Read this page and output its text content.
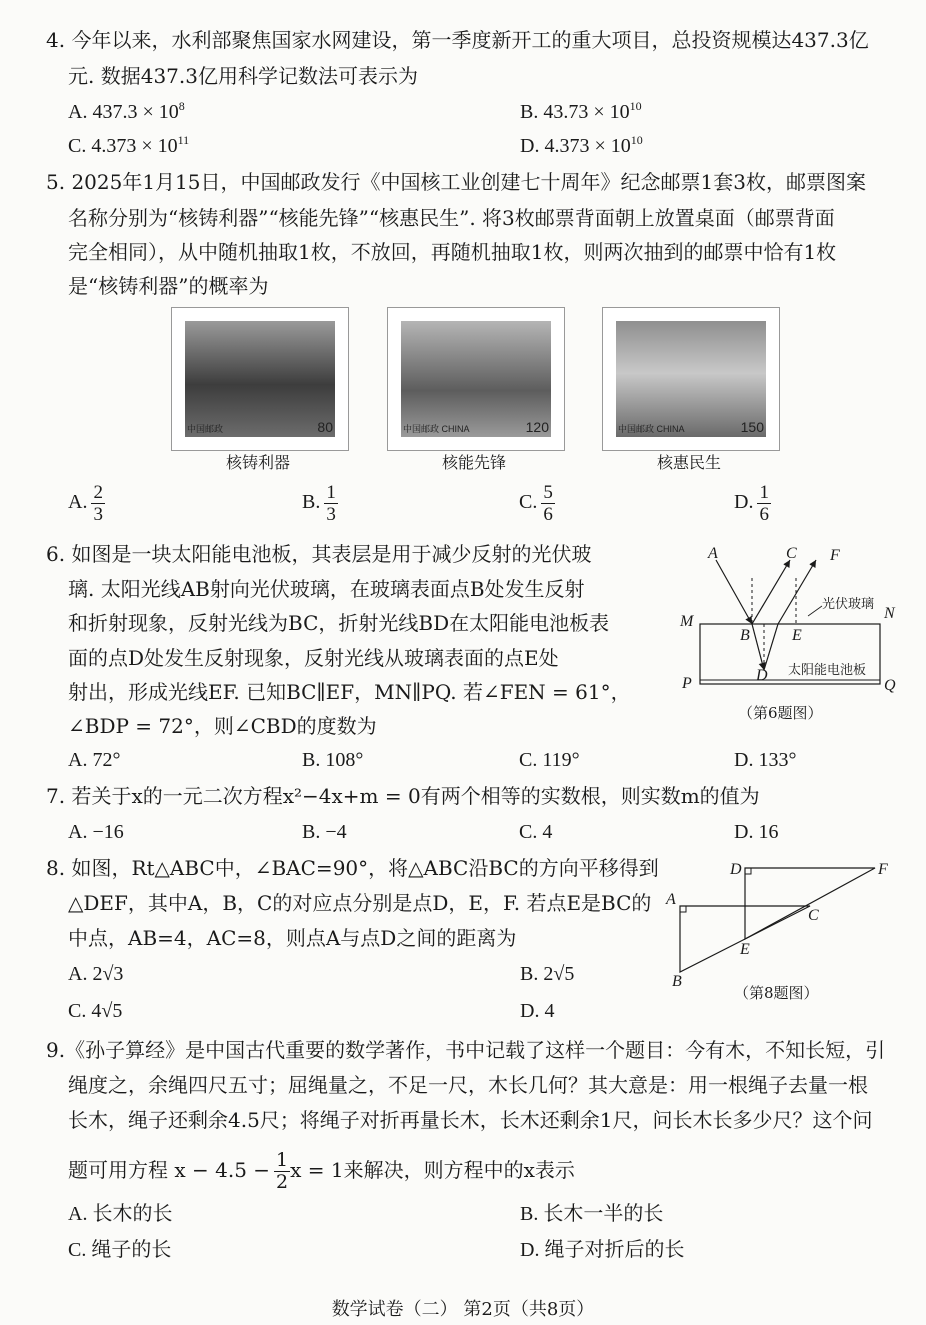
4. 今年以来，水利部聚焦国家水网建设，第一季度新开工的重大项目，总投资规模达437.3亿
元. 数据437.3亿用科学记数法可表示为
A. $437.3 \times 10^8$	B. $43.73 \times 10^{10}$
C. $4.373 \times 10^{11}$	D. $4.373 \times 10^{10}$
5. 2025年1月15日，中国邮政发行《中国核工业创建七十周年》纪念邮票1套3枚，邮票图案
名称分别为“核铸利器”“核能先锋”“核惠民生”. 将3枚邮票背面朝上放置桌面（邮票背面
完全相同），从中随机抽取1枚，不放回，再随机抽取1枚，则两次抽到的邮票中恰有1枚
是“核铸利器”的概率为
中国邮政	80	中国邮政 CHINA	120	中国邮政 CHINA	150
核铸利器	核能先锋	核惠民生
A. $\frac{2}{3}$	B. $\frac{1}{3}$	C. $\frac{5}{6}$	D. $\frac{1}{6}$
6. 如图是一块太阳能电池板，其表层是用于减少反射的光伏玻
璃. 太阳光线AB射向光伏玻璃，在玻璃表面点B处发生反射
和折射现象，反射光线为BC，折射光线BD在太阳能电池板表
面的点D处发生反射现象，反射光线从玻璃表面的点E处
射出，形成光线EF. 已知BC∥EF，MN∥PQ. 若∠FEN = 61°，
∠BDP = 72°，则∠CBD的度数为
A	C F
M	N
B	E
D
P	Q
光伏玻璃
太阳能电池板
（第6题图）
A. 72°	B. 108°	C. 119°	D. 133°
7. 若关于x的一元二次方程x²−4x+m = 0有两个相等的实数根，则实数m的值为
A. −16	B. −4	C. 4	D. 16
8. 如图，Rt△ABC中，∠BAC=90°，将△ABC沿BC的方向平移得到
△DEF，其中A，B，C的对应点分别是点D，E，F. 若点E是BC的
中点，AB=4，AC=8，则点A与点D之间的距离为
A
B
C
D
E
F
（第8题图）
A. 2√3	B. 2√5
C. 4√5	D. 4
9.《孙子算经》是中国古代重要的数学著作，书中记载了这样一个题目：今有木，不知长短，引
绳度之，余绳四尺五寸；屈绳量之，不足一尺，木长几何？其大意是：用一根绳子去量一根
长木，绳子还剩余4.5尺；将绳子对折再量长木，长木还剩余1尺，问长木长多少尺？这个问
题可用方程 $x - 4.5 - \frac{1}{2}$ x = 1来解决，则方程中的x表示
A. 长木的长	B. 长木一半的长
C. 绳子的长	D. 绳子对折后的长
数学试卷（二） 第2页（共8页）
